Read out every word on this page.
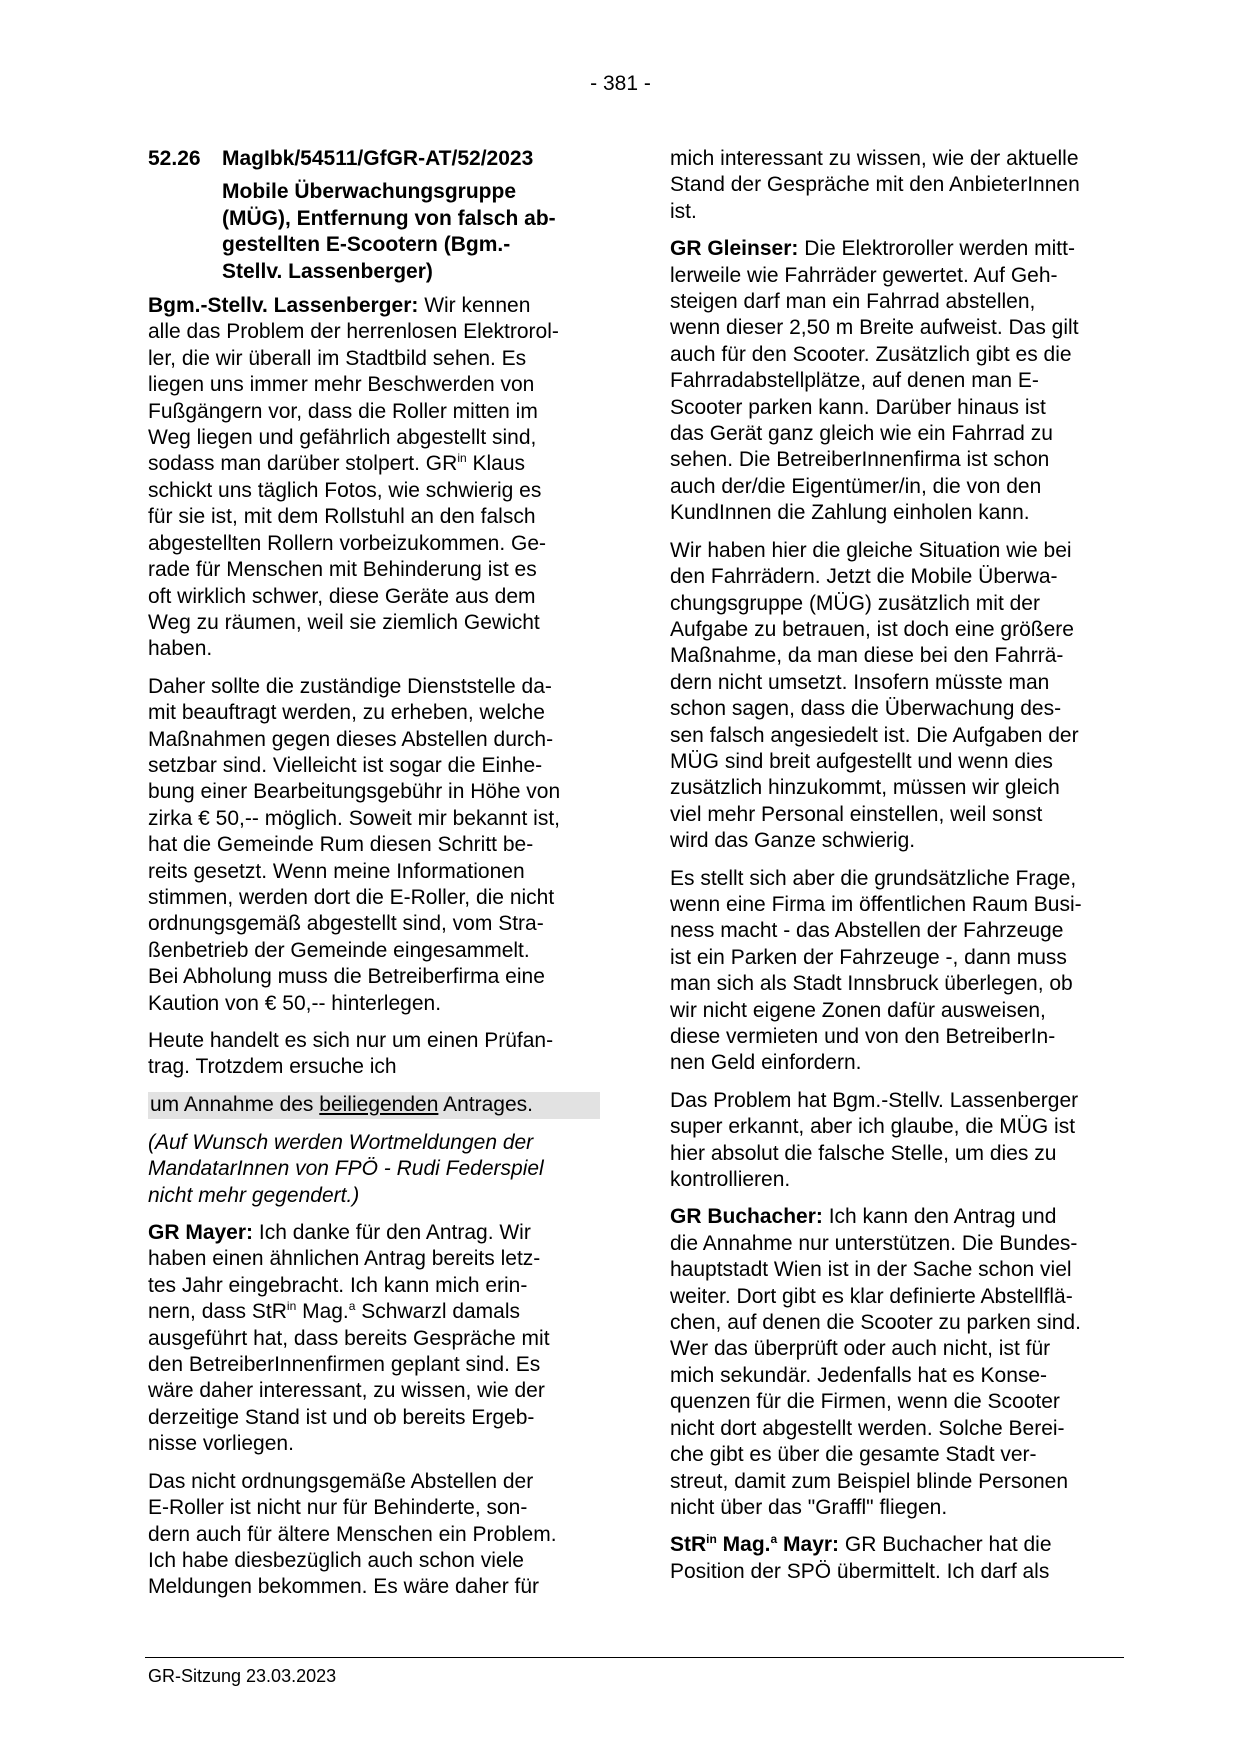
- 381 -
52.26	MagIbk/54511/GfGR-AT/52/2023
Mobile Überwachungsgruppe
(MÜG), Entfernung von falsch ab-
gestellten E-Scootern (Bgm.-
Stellv. Lassenberger)

Bgm.-Stellv. Lassenberger: Wir kennen
alle das Problem der herrenlosen Elektrorol-
ler, die wir überall im Stadtbild sehen. Es
liegen uns immer mehr Beschwerden von
Fußgängern vor, dass die Roller mitten im
Weg liegen und gefährlich abgestellt sind,
sodass man darüber stolpert. $GR^{in}$ Klaus
schickt uns täglich Fotos, wie schwierig es
für sie ist, mit dem Rollstuhl an den falsch
abgestellten Rollern vorbeizukommen. Ge-
rade für Menschen mit Behinderung ist es
oft wirklich schwer, diese Geräte aus dem
Weg zu räumen, weil sie ziemlich Gewicht
haben.

Daher sollte die zuständige Dienststelle da-
mit beauftragt werden, zu erheben, welche
Maßnahmen gegen dieses Abstellen durch-
setzbar sind. Vielleicht ist sogar die Einhe-
bung einer Bearbeitungsgebühr in Höhe von
zirka € 50,-- möglich. Soweit mir bekannt ist,
hat die Gemeinde Rum diesen Schritt be-
reits gesetzt. Wenn meine Informationen
stimmen, werden dort die E-Roller, die nicht
ordnungsgemäß abgestellt sind, vom Stra-
ßenbetrieb der Gemeinde eingesammelt.
Bei Abholung muss die Betreiberfirma eine
Kaution von € 50,-- hinterlegen.

Heute handelt es sich nur um einen Prüfan-
trag. Trotzdem ersuche ich

um Annahme des beiliegenden Antrages.

(Auf Wunsch werden Wortmeldungen der
MandatarInnen von FPÖ - Rudi Federspiel
nicht mehr gegendert.)

GR Mayer: Ich danke für den Antrag. Wir
haben einen ähnlichen Antrag bereits letz-
tes Jahr eingebracht. Ich kann mich erin-
nern, dass StR$^{in}$ Mag.$^a$ Schwarzl damals
ausgeführt hat, dass bereits Gespräche mit
den BetreiberInnenfirmen geplant sind. Es
wäre daher interessant, zu wissen, wie der
derzeitige Stand ist und ob bereits Ergeb-
nisse vorliegen.

Das nicht ordnungsgemäße Abstellen der
E-Roller ist nicht nur für Behinderte, son-
dern auch für ältere Menschen ein Problem.
Ich habe diesbezüglich auch schon viele
Meldungen bekommen. Es wäre daher für

mich interessant zu wissen, wie der aktuelle
Stand der Gespräche mit den AnbieterInnen
ist.

GR Gleinser: Die Elektroroller werden mitt-
lerweile wie Fahrräder gewertet. Auf Geh-
steigen darf man ein Fahrrad abstellen,
wenn dieser 2,50 m Breite aufweist. Das gilt
auch für den Scooter. Zusätzlich gibt es die
Fahrradabstellplätze, auf denen man E-
Scooter parken kann. Darüber hinaus ist
das Gerät ganz gleich wie ein Fahrrad zu
sehen. Die BetreiberInnenfirma ist schon
auch der/die Eigentümer/in, die von den
KundInnen die Zahlung einholen kann.

Wir haben hier die gleiche Situation wie bei
den Fahrrädern. Jetzt die Mobile Überwa-
chungsgruppe (MÜG) zusätzlich mit der
Aufgabe zu betrauen, ist doch eine größere
Maßnahme, da man diese bei den Fahrrä-
dern nicht umsetzt. Insofern müsste man
schon sagen, dass die Überwachung des-
sen falsch angesiedelt ist. Die Aufgaben der
MÜG sind breit aufgestellt und wenn dies
zusätzlich hinzukommt, müssen wir gleich
viel mehr Personal einstellen, weil sonst
wird das Ganze schwierig.

Es stellt sich aber die grundsätzliche Frage,
wenn eine Firma im öffentlichen Raum Busi-
ness macht - das Abstellen der Fahrzeuge
ist ein Parken der Fahrzeuge -, dann muss
man sich als Stadt Innsbruck überlegen, ob
wir nicht eigene Zonen dafür ausweisen,
diese vermieten und von den BetreiberIn-
nen Geld einfordern.

Das Problem hat Bgm.-Stellv. Lassenberger
super erkannt, aber ich glaube, die MÜG ist
hier absolut die falsche Stelle, um dies zu
kontrollieren.

GR Buchacher: Ich kann den Antrag und
die Annahme nur unterstützen. Die Bundes-
hauptstadt Wien ist in der Sache schon viel
weiter. Dort gibt es klar definierte Abstellflä-
chen, auf denen die Scooter zu parken sind.
Wer das überprüft oder auch nicht, ist für
mich sekundär. Jedenfalls hat es Konse-
quenzen für die Firmen, wenn die Scooter
nicht dort abgestellt werden. Solche Berei-
che gibt es über die gesamte Stadt ver-
streut, damit zum Beispiel blinde Personen
nicht über das "Graffl" fliegen.

StR$^{in}$ Mag.$^a$ Mayr: GR Buchacher hat die
Position der SPÖ übermittelt. Ich darf als

GR-Sitzung 23.03.2023
